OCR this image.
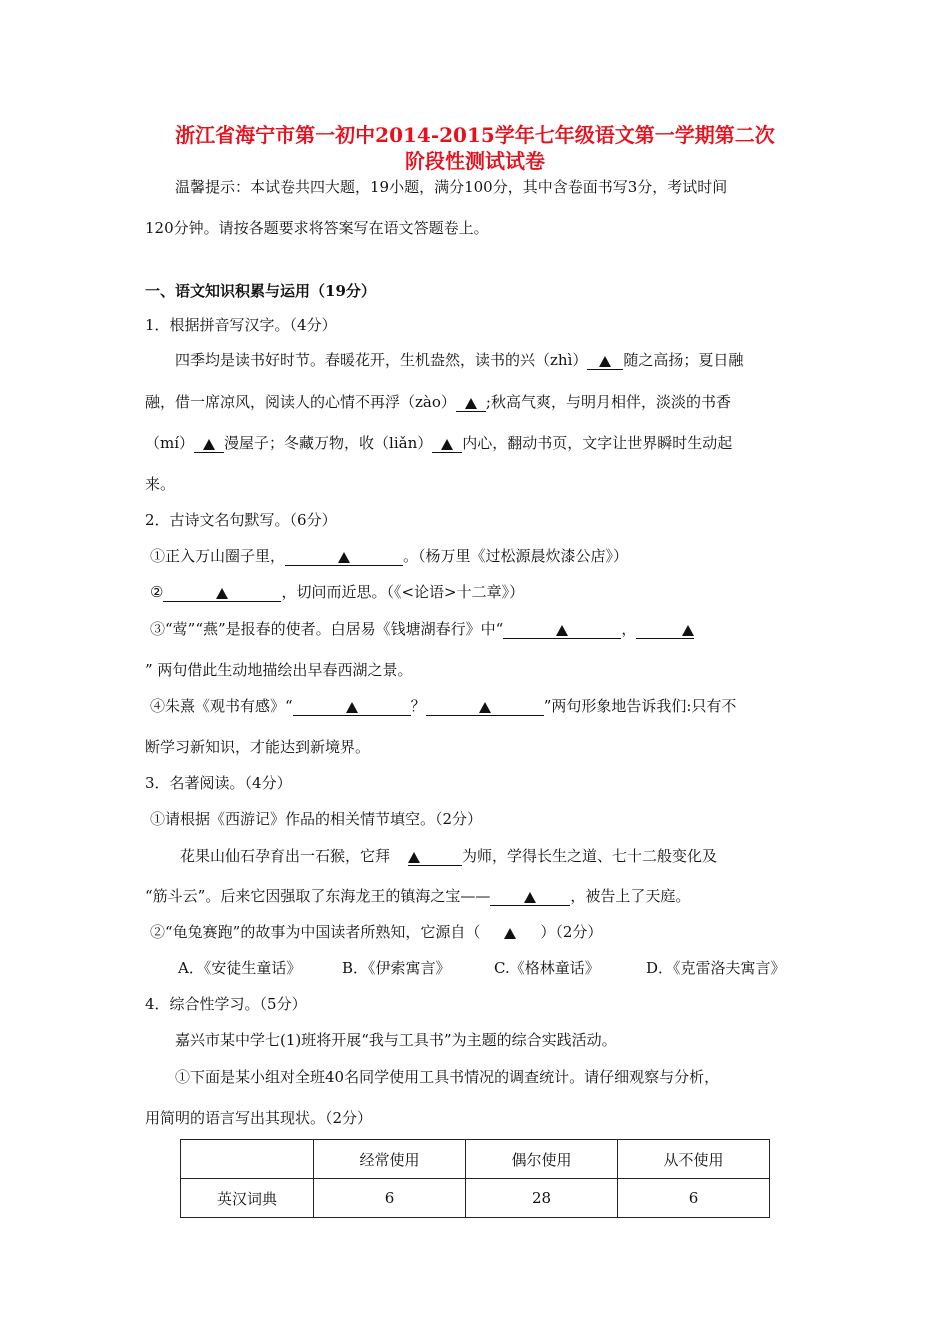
浙江省海宁市第一初中2014-2015学年七年级语文第一学期第二次
阶段性测试试卷
温馨提示：本试卷共四大题，19小题，满分100分，其中含卷面书写3分，考试时间
120分钟。请按各题要求将答案写在语文答题卷上。
一、语文知识积累与运用（19分）
1．根据拼音写汉字。（4分）
四季均是读书好时节。春暖花开，生机盎然，读书的兴（zhì） 随之高扬；夏日融
融，借一席凉风，阅读人的心情不再浮（zào） ;秋高气爽，与明月相伴，淡淡的书香
（mí） 漫屋子；冬藏万物，收（liǎn） 内心，翻动书页，文字让世界瞬时生动起
来。
2．古诗文名句默写。（6分）
①正入万山圈子里，	。（杨万里《过松源晨炊漆公店》）
②	，切问而近思。（《<论语>十二章》）
③“莺”“燕”是报春的使者。白居易《钱塘湖春行》中“	，
” 两句借此生动地描绘出早春西湖之景。
④朱熹《观书有感》“	？	”两句形象地告诉我们:只有不
断学习新知识，才能达到新境界。
3．名著阅读。（4分）
①请根据《西游记》作品的相关情节填空。（2分）
花果山仙石孕育出一石猴，它拜	为师，学得长生之道、七十二般变化及
“筋斗云”。后来它因强取了东海龙王的镇海之宝——	，被告上了天庭。
②“龟兔赛跑”的故事为中国读者所熟知，它源自（	）（2分）
A．《安徒生童话》	B．《伊索寓言》	C.《格林童话》	D．《克雷洛夫寓言》
4．综合性学习。（5分）
嘉兴市某中学七(1)班将开展“我与工具书”为主题的综合实践活动。
①下面是某小组对全班40名同学使用工具书情况的调查统计。请仔细观察与分析，
用简明的语言写出其现状。（2分）
	经常使用	偶尔使用	从不使用
英汉词典	6	28	6
